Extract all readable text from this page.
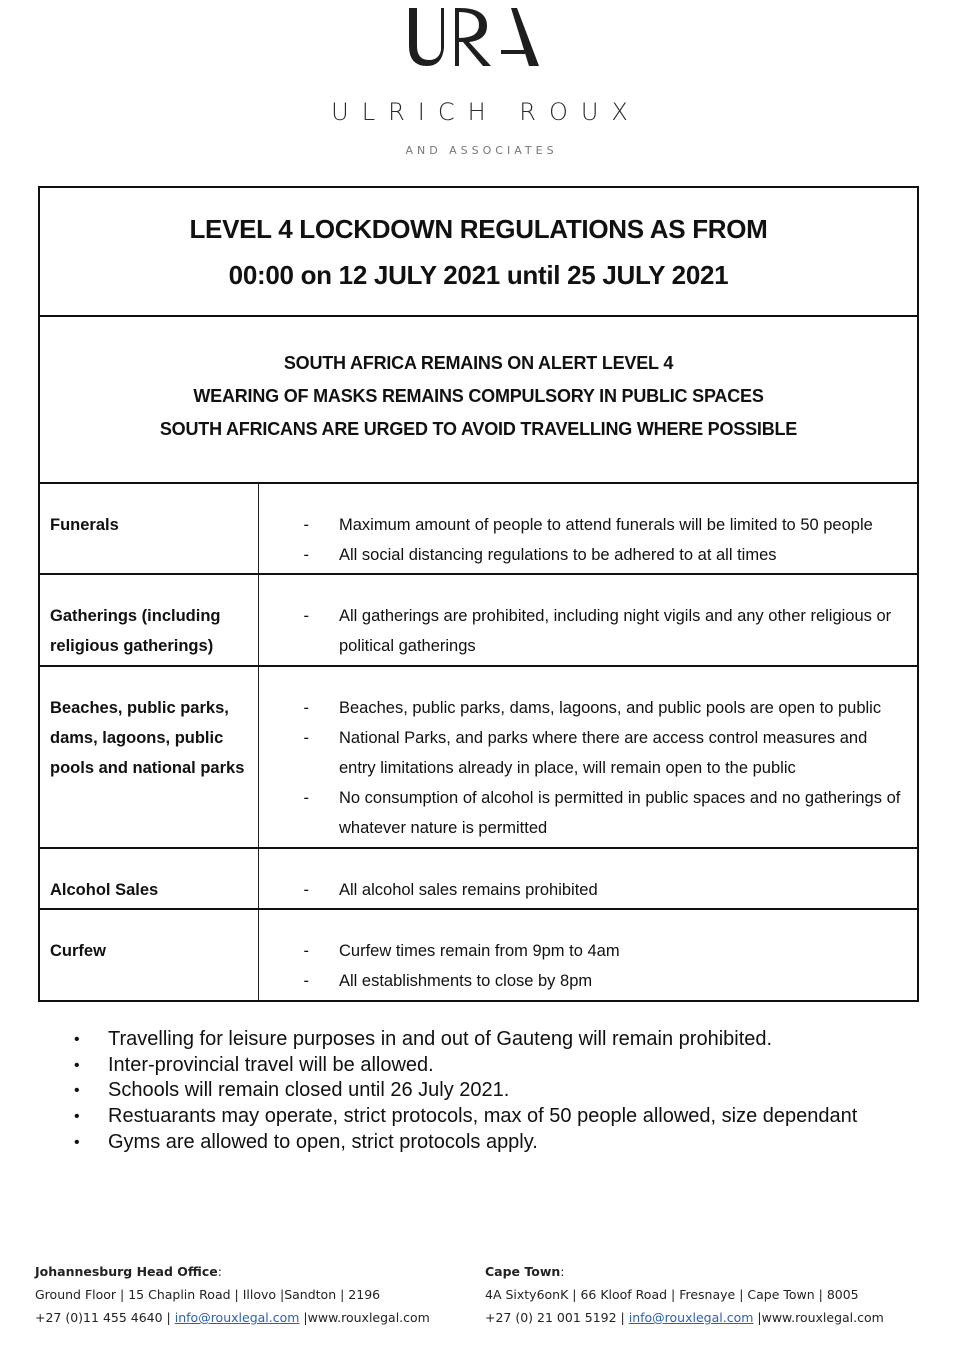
ULRICH ROUX
AND ASSOCIATES
LEVEL 4 LOCKDOWN REGULATIONS AS FROM
00:00 on 12 JULY 2021 until 25 JULY 2021
SOUTH AFRICA REMAINS ON ALERT LEVEL 4
WEARING OF MASKS REMAINS COMPULSORY IN PUBLIC SPACES
SOUTH AFRICANS ARE URGED TO AVOID TRAVELLING WHERE POSSIBLE
Funerals	-	Maximum amount of people to attend funerals will be limited to 50 people
-	All social distancing regulations to be adhered to at all times
Gatherings (including religious gatherings)
-	All gatherings are prohibited, including night vigils and any other religious or political gatherings
Beaches, public parks, dams, lagoons, public pools and national parks
-	Beaches, public parks, dams, lagoons, and public pools are open to public
-	National Parks, and parks where there are access control measures and entry limitations already in place, will remain open to the public
-	No consumption of alcohol is permitted in public spaces and no gatherings of whatever nature is permitted
Alcohol Sales	-	All alcohol sales remains prohibited
Curfew	-	Curfew times remain from 9pm to 4am
-	All establishments to close by 8pm
•	Travelling for leisure purposes in and out of Gauteng will remain prohibited.
•	Inter-provincial travel will be allowed.
•	Schools will remain closed until 26 July 2021.
•	Restuarants may operate, strict protocols, max of 50 people allowed, size dependant
•	Gyms are allowed to open, strict protocols apply.
Johannesburg Head Office:
Ground Floor | 15 Chaplin Road | Illovo |Sandton | 2196
+27 (0)11 455 4640 | info@rouxlegal.com |www.rouxlegal.com
Cape Town:
4A Sixty6onK | 66 Kloof Road | Fresnaye | Cape Town | 8005
+27 (0) 21 001 5192 | info@rouxlegal.com |www.rouxlegal.com
